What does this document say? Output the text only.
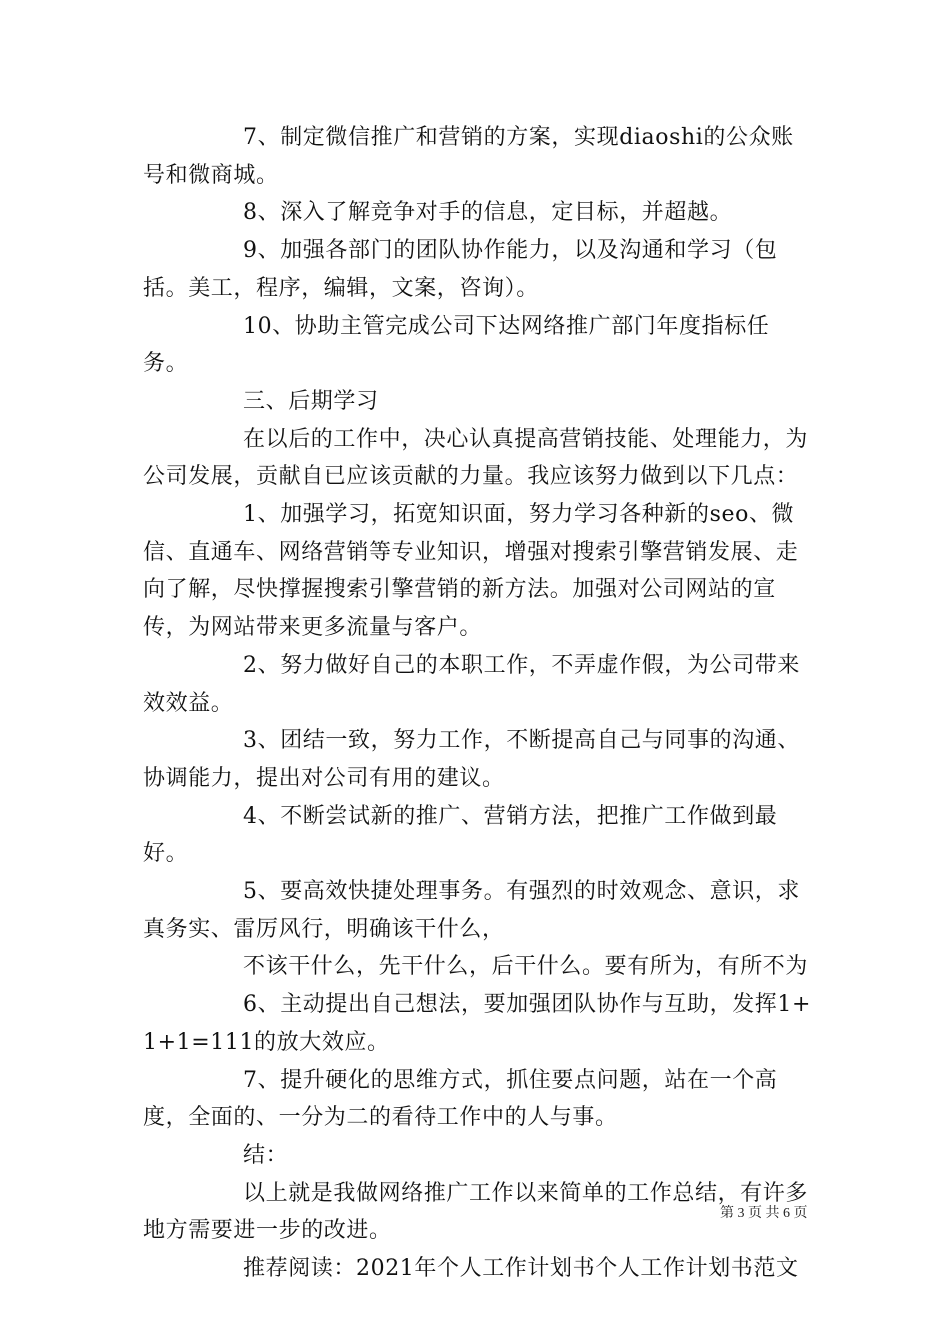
7、制定微信推广和营销的方案，实现diaoshi的公众账号和微商城。

8、深入了解竞争对手的信息，定目标，并超越。

9、加强各部门的团队协作能力，以及沟通和学习（包括。美工，程序，编辑，文案，咨询）。

10、协助主管完成公司下达网络推广部门年度指标任务。

三、后期学习

在以后的工作中，决心认真提高营销技能、处理能力，为公司发展，贡献自已应该贡献的力量。我应该努力做到以下几点：

1、加强学习，拓宽知识面，努力学习各种新的seo、微信、直通车、网络营销等专业知识，增强对搜索引擎营销发展、走向了解，尽快撑握搜索引擎营销的新方法。加强对公司网站的宣传，为网站带来更多流量与客户。

2、努力做好自己的本职工作，不弄虚作假，为公司带来效效益。

3、团结一致，努力工作，不断提高自己与同事的沟通、协调能力，提出对公司有用的建议。

4、不断尝试新的推广、营销方法，把推广工作做到最好。

5、要高效快捷处理事务。有强烈的时效观念、意识，求真务实、雷厉风行，明确该干什么，

不该干什么，先干什么，后干什么。要有所为，有所不为

6、主动提出自己想法，要加强团队协作与互助，发挥1+1+1=111的放大效应。

7、提升硬化的思维方式，抓住要点问题，站在一个高度，全面的、一分为二的看待工作中的人与事。

结：

以上就是我做网络推广工作以来简单的工作总结，有许多地方需要进一步的改进。

推荐阅读：2021年个人工作计划书个人工作计划书范文

第 3 页 共 6 页
